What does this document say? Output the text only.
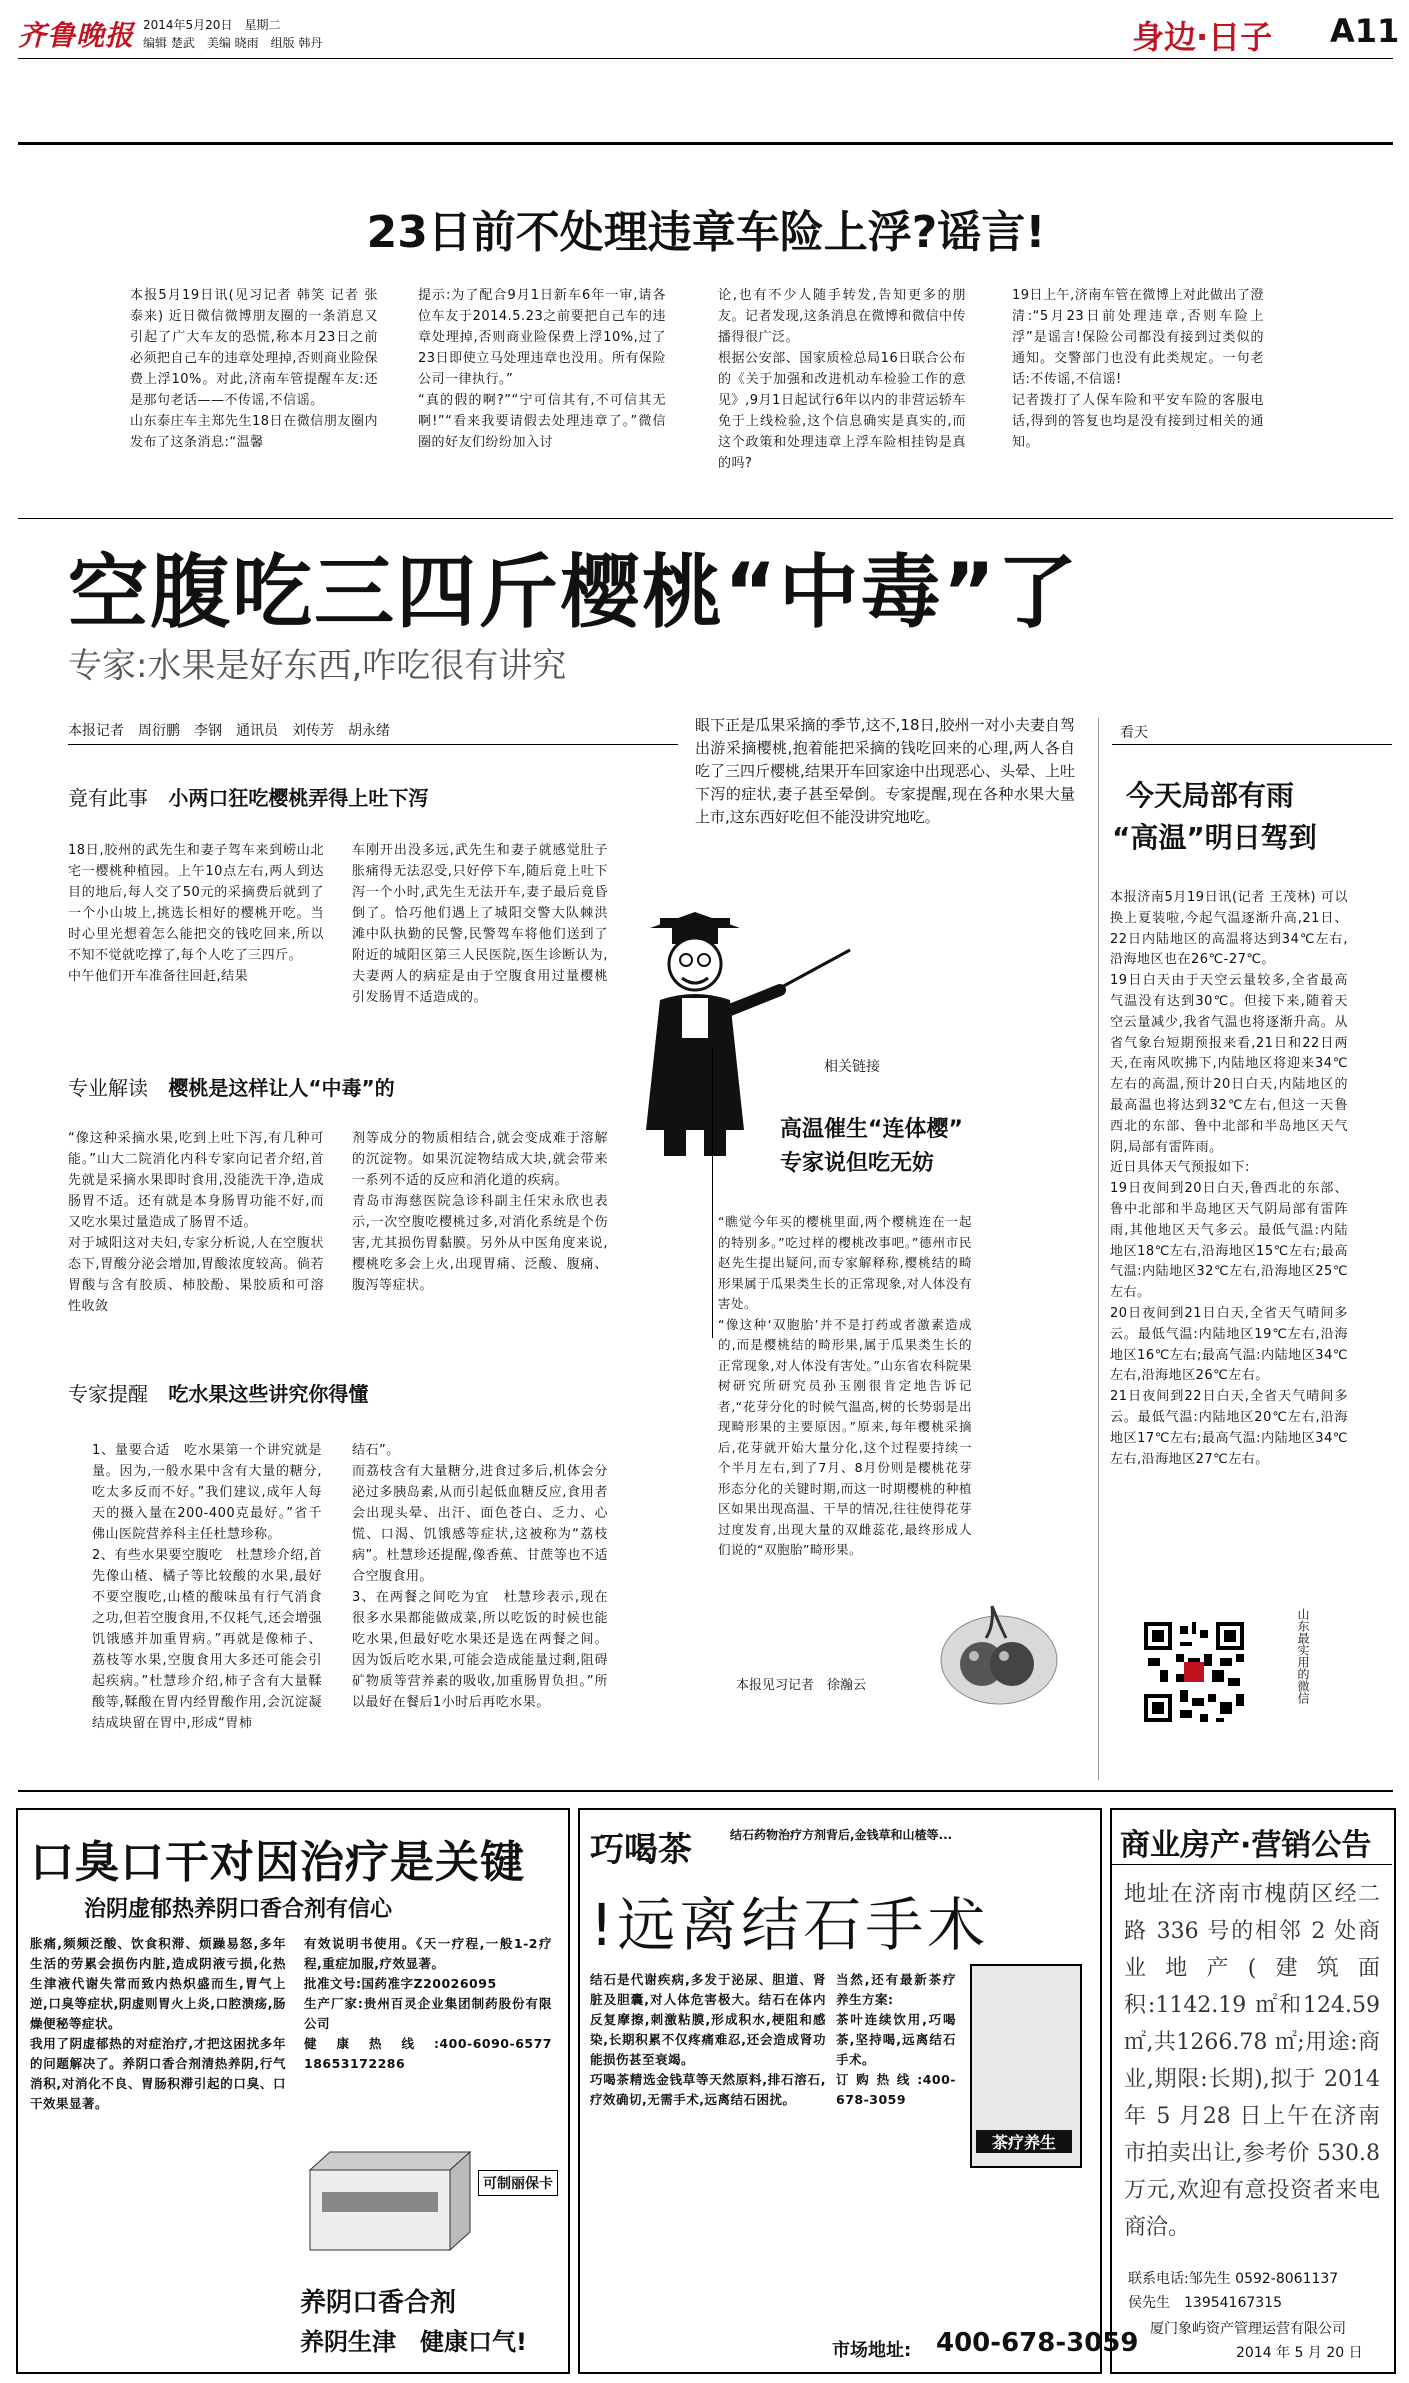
齐鲁晚报 2014年5月20日　星期二
编辑 楚武　美编 晓雨　组版 韩丹	身边·日子 A11
23日前不处理违章车险上浮?谣言!
本报5月19日讯(见习记者 韩笑 记者 张泰来) 近日微信微博朋友圈的一条消息又引起了广大车友的恐慌,称本月23日之前必须把自己车的违章处理掉,否则商业险保费上浮10%。对此,济南车管提醒车友:还是那句老话——不传谣,不信谣。
山东泰庄车主郑先生18日在微信朋友圈内发布了这条消息:“温馨
提示:为了配合9月1日新车6年一审,请各位车友于2014.5.23之前要把自己车的违章处理掉,否则商业险保费上浮10%,过了23日即使立马处理违章也没用。所有保险公司一律执行。”
“真的假的啊?”“宁可信其有,不可信其无啊!”“看来我要请假去处理违章了。”微信圈的好友们纷纷加入讨
论,也有不少人随手转发,告知更多的朋友。记者发现,这条消息在微博和微信中传播得很广泛。
根据公安部、国家质检总局16日联合公布的《关于加强和改进机动车检验工作的意见》,9月1日起试行6年以内的非营运轿车免于上线检验,这个信息确实是真实的,而这个政策和处理违章上浮车险相挂钩是真的吗?
19日上午,济南车管在微博上对此做出了澄清:“5月23日前处理违章,否则车险上浮”是谣言!保险公司都没有接到过类似的通知。交警部门也没有此类规定。一句老话:不传谣,不信谣!
记者拨打了人保车险和平安车险的客服电话,得到的答复也均是没有接到过相关的通知。
空腹吃三四斤樱桃“中毒”了
专家:水果是好东西,咋吃很有讲究
本报记者　周衍鹏　李钢　通讯员　刘传芳　胡永绪	眼下正是瓜果采摘的季节,这不,18日,胶州一对小夫妻自驾出游采摘樱桃,抱着能把采摘的钱吃回来的心理,两人各自吃了三四斤樱桃,结果开车回家途中出现恶心、头晕、上吐下泻的症状,妻子甚至晕倒。专家提醒,现在各种水果大量上市,这东西好吃但不能没讲究地吃。
竟有此事 小两口狂吃樱桃弄得上吐下泻
18日,胶州的武先生和妻子驾车来到崂山北宅一樱桃种植园。上午10点左右,两人到达目的地后,每人交了50元的采摘费后就到了一个小山坡上,挑选长相好的樱桃开吃。当时心里光想着怎么能把交的钱吃回来,所以不知不觉就吃撑了,每个人吃了三四斤。
中午他们开车准备往回赶,结果
车刚开出没多远,武先生和妻子就感觉肚子胀痛得无法忍受,只好停下车,随后竟上吐下泻一个小时,武先生无法开车,妻子最后竟昏倒了。恰巧他们遇上了城阳交警大队棘洪滩中队执勤的民警,民警驾车将他们送到了附近的城阳区第三人民医院,医生诊断认为,夫妻两人的病症是由于空腹食用过量樱桃引发肠胃不适造成的。
专业解读 樱桃是这样让人“中毒”的
“像这种采摘水果,吃到上吐下泻,有几种可能。”山大二院消化内科专家向记者介绍,首先就是采摘水果即时食用,没能洗干净,造成肠胃不适。还有就是本身肠胃功能不好,而又吃水果过量造成了肠胃不适。
对于城阳这对夫妇,专家分析说,人在空腹状态下,胃酸分泌会增加,胃酸浓度较高。倘若胃酸与含有胶质、柿胶酚、果胶质和可溶性收敛
剂等成分的物质相结合,就会变成难于溶解的沉淀物。如果沉淀物结成大块,就会带来一系列不适的反应和消化道的疾病。
青岛市海慈医院急诊科副主任宋永欣也表示,一次空腹吃樱桃过多,对消化系统是个伤害,尤其损伤胃黏膜。另外从中医角度来说,樱桃吃多会上火,出现胃痛、泛酸、腹痛、腹泻等症状。
专家提醒 吃水果这些讲究你得懂
1、量要合适　吃水果第一个讲究就是量。因为,一般水果中含有大量的糖分,吃太多反而不好。”我们建议,成年人每天的摄入量在200-400克最好。”省千佛山医院营养科主任杜慧珍称。
2、有些水果要空腹吃　杜慧珍介绍,首先像山楂、橘子等比较酸的水果,最好不要空腹吃,山楂的酸味虽有行气消食之功,但若空腹食用,不仅耗气,还会增强饥饿感并加重胃病。”再就是像柿子、荔枝等水果,空腹食用大多还可能会引起疾病。”杜慧珍介绍,柿子含有大量鞣酸等,鞣酸在胃内经胃酸作用,会沉淀凝结成块留在胃中,形成“胃柿
结石”。
而荔枝含有大量糖分,进食过多后,机体会分泌过多胰岛素,从而引起低血糖反应,食用者会出现头晕、出汗、面色苍白、乏力、心慌、口渴、饥饿感等症状,这被称为“荔枝病”。杜慧珍还提醒,像香蕉、甘蔗等也不适合空腹食用。
3、在两餐之间吃为宜　杜慧珍表示,现在很多水果都能做成菜,所以吃饭的时候也能吃水果,但最好吃水果还是选在两餐之间。因为饭后吃水果,可能会造成能量过剩,阻碍矿物质等营养素的吸收,加重肠胃负担。”所以最好在餐后1小时后再吃水果。
相关链接
高温催生“连体樱”
专家说但吃无妨
“瞧觉今年买的樱桃里面,两个樱桃连在一起的特别多。”吃过样的樱桃改事吧。”德州市民赵先生提出疑问,而专家解释称,樱桃结的畸形果属于瓜果类生长的正常现象,对人体没有害处。
“像这种‘双胞胎’并不是打药或者激素造成的,而是樱桃结的畸形果,属于瓜果类生长的正常现象,对人体没有害处。”山东省农科院果树研究所研究员孙玉刚很肯定地告诉记者,“花芽分化的时候气温高,树的长势弱是出现畸形果的主要原因。”原来,每年樱桃采摘后,花芽就开始大量分化,这个过程要持续一个半月左右,到了7月、8月份则是樱桃花芽形态分化的关键时期,而这一时期樱桃的种植区如果出现高温、干旱的情况,往往使得花芽过度发育,出现大量的双雌蕊花,最终形成人们说的“双胞胎”畸形果。
本报见习记者　徐瀚云
看天
今天局部有雨
“高温”明日驾到
本报济南5月19日讯(记者 王茂林) 可以换上夏装啦,今起气温逐渐升高,21日、22日内陆地区的高温将达到34℃左右,沿海地区也在26℃-27℃。
19日白天由于天空云量较多,全省最高气温没有达到30℃。但接下来,随着天空云量减少,我省气温也将逐渐升高。从省气象台短期预报来看,21日和22日两天,在南风吹拂下,内陆地区将迎来34℃左右的高温,预计20日白天,内陆地区的最高温也将达到32℃左右,但这一天鲁西北的东部、鲁中北部和半岛地区天气阴,局部有雷阵雨。
近日具体天气预报如下:
19日夜间到20日白天,鲁西北的东部、鲁中北部和半岛地区天气阴局部有雷阵雨,其他地区天气多云。最低气温:内陆地区18℃左右,沿海地区15℃左右;最高气温:内陆地区32℃左右,沿海地区25℃左右。
20日夜间到21日白天,全省天气晴间多云。最低气温:内陆地区19℃左右,沿海地区16℃左右;最高气温:内陆地区34℃左右,沿海地区26℃左右。
21日夜间到22日白天,全省天气晴间多云。最低气温:内陆地区20℃左右,沿海地区17℃左右;最高气温:内陆地区34℃左右,沿海地区27℃左右。
山东最实用的微信
口臭口干对因治疗是关键
治阴虚郁热养阴口香合剂有信心
胀痛,频频泛酸、饮食积滞、烦躁易怒,多年生活的劳累会损伤内脏,造成阴液亏损,化热生津液代谢失常而致内热炽盛而生,胃气上逆,口臭等症状,阴虚则胃火上炎,口腔溃疡,肠燥便秘等症状。
我用了阴虚郁热的对症治疗,才把这困扰多年的问题解决了。养阴口香合剂清热养阴,行气消积,对消化不良、胃肠积滞引起的口臭、口干效果显著。
有效说明书使用。《天一疗程,一般1-2疗程,重症加服,疗效显著。
批准文号:国药准字Z20026095
生产厂家:贵州百灵企业集团制药股份有限公司
健康热线:400-6090-6577　18653172286
可制丽保卡
养阴口香合剂
养阴生津　健康口气!
巧喝茶	结石药物治疗方剂背后,金钱草和山楂等...
!远离结石手术
结石是代谢疾病,多发于泌尿、胆道、肾脏及胆囊,对人体危害极大。结石在体内反复摩擦,刺激粘膜,形成积水,梗阻和感染,长期积累不仅疼痛难忍,还会造成肾功能损伤甚至衰竭。
巧喝茶精选金钱草等天然原料,排石溶石,疗效确切,无需手术,远离结石困扰。
当然,还有最新茶疗养生方案:
茶叶连续饮用,巧喝茶,坚持喝,远离结石手术。
订购热线:400-678-3059
茶疗养生
市场地址: 400-678-3059
商业房产·营销公告
地址在济南市槐荫区经二路 336 号的相邻 2 处商业地产(建筑面积:1142.19 ㎡和124.59 ㎡,共1266.78 ㎡;用途:商业,期限:长期),拟于 2014 年 5 月28 日上午在济南市拍卖出让,参考价 530.8万元,欢迎有意投资者来电商洽。
联系电话:邹先生 0592-8061137
侯先生　13954167315
厦门象屿资产管理运营有限公司
2014 年 5 月 20 日
